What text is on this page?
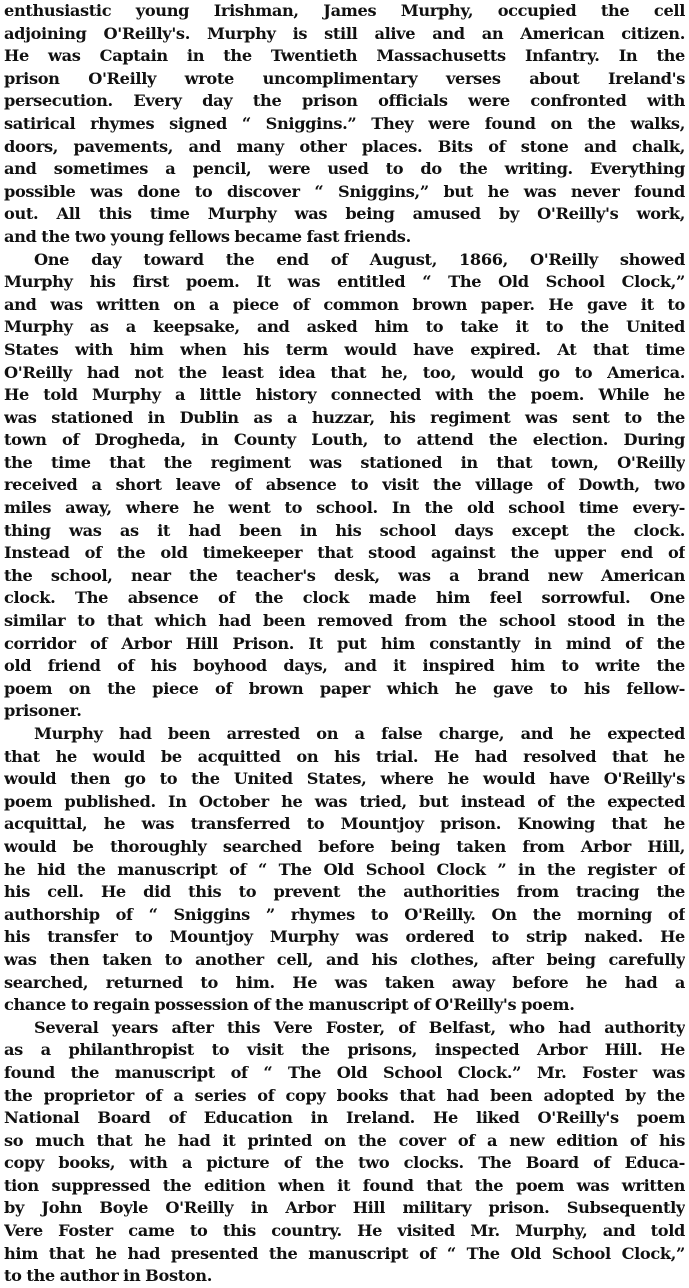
enthusiastic young Irishman, James Murphy, occupied the cell
adjoining O'Reilly's. Murphy is still alive and an American citizen.
He was Captain in the Twentieth Massachusetts Infantry. In the
prison O'Reilly wrote uncomplimentary verses about Ireland's
persecution. Every day the prison officials were confronted with
satirical rhymes signed “ Sniggins.” They were found on the walks,
doors, pavements, and many other places. Bits of stone and chalk,
and sometimes a pencil, were used to do the writing. Everything
possible was done to discover “ Sniggins,” but he was never found
out. All this time Murphy was being amused by O'Reilly's work,
and the two young fellows became fast friends.
One day toward the end of August, 1866, O'Reilly showed
Murphy his first poem. It was entitled “ The Old School Clock,”
and was written on a piece of common brown paper. He gave it to
Murphy as a keepsake, and asked him to take it to the United
States with him when his term would have expired. At that time
O'Reilly had not the least idea that he, too, would go to America.
He told Murphy a little history connected with the poem. While he
was stationed in Dublin as a huzzar, his regiment was sent to the
town of Drogheda, in County Louth, to attend the election. During
the time that the regiment was stationed in that town, O'Reilly
received a short leave of absence to visit the village of Dowth, two
miles away, where he went to school. In the old school time every-
thing was as it had been in his school days except the clock.
Instead of the old timekeeper that stood against the upper end of
the school, near the teacher's desk, was a brand new American
clock. The absence of the clock made him feel sorrowful. One
similar to that which had been removed from the school stood in the
corridor of Arbor Hill Prison. It put him constantly in mind of the
old friend of his boyhood days, and it inspired him to write the
poem on the piece of brown paper which he gave to his fellow-
prisoner.
Murphy had been arrested on a false charge, and he expected
that he would be acquitted on his trial. He had resolved that he
would then go to the United States, where he would have O'Reilly's
poem published. In October he was tried, but instead of the expected
acquittal, he was transferred to Mountjoy prison. Knowing that he
would be thoroughly searched before being taken from Arbor Hill,
he hid the manuscript of “ The Old School Clock ” in the register of
his cell. He did this to prevent the authorities from tracing the
authorship of “ Sniggins ” rhymes to O'Reilly. On the morning of
his transfer to Mountjoy Murphy was ordered to strip naked. He
was then taken to another cell, and his clothes, after being carefully
searched, returned to him. He was taken away before he had a
chance to regain possession of the manuscript of O'Reilly's poem.
Several years after this Vere Foster, of Belfast, who had authority
as a philanthropist to visit the prisons, inspected Arbor Hill. He
found the manuscript of “ The Old School Clock.” Mr. Foster was
the proprietor of a series of copy books that had been adopted by the
National Board of Education in Ireland. He liked O'Reilly's poem
so much that he had it printed on the cover of a new edition of his
copy books, with a picture of the two clocks. The Board of Educa-
tion suppressed the edition when it found that the poem was written
by John Boyle O'Reilly in Arbor Hill military prison. Subsequently
Vere Foster came to this country. He visited Mr. Murphy, and told
him that he had presented the manuscript of “ The Old School Clock,”
to the author in Boston.
